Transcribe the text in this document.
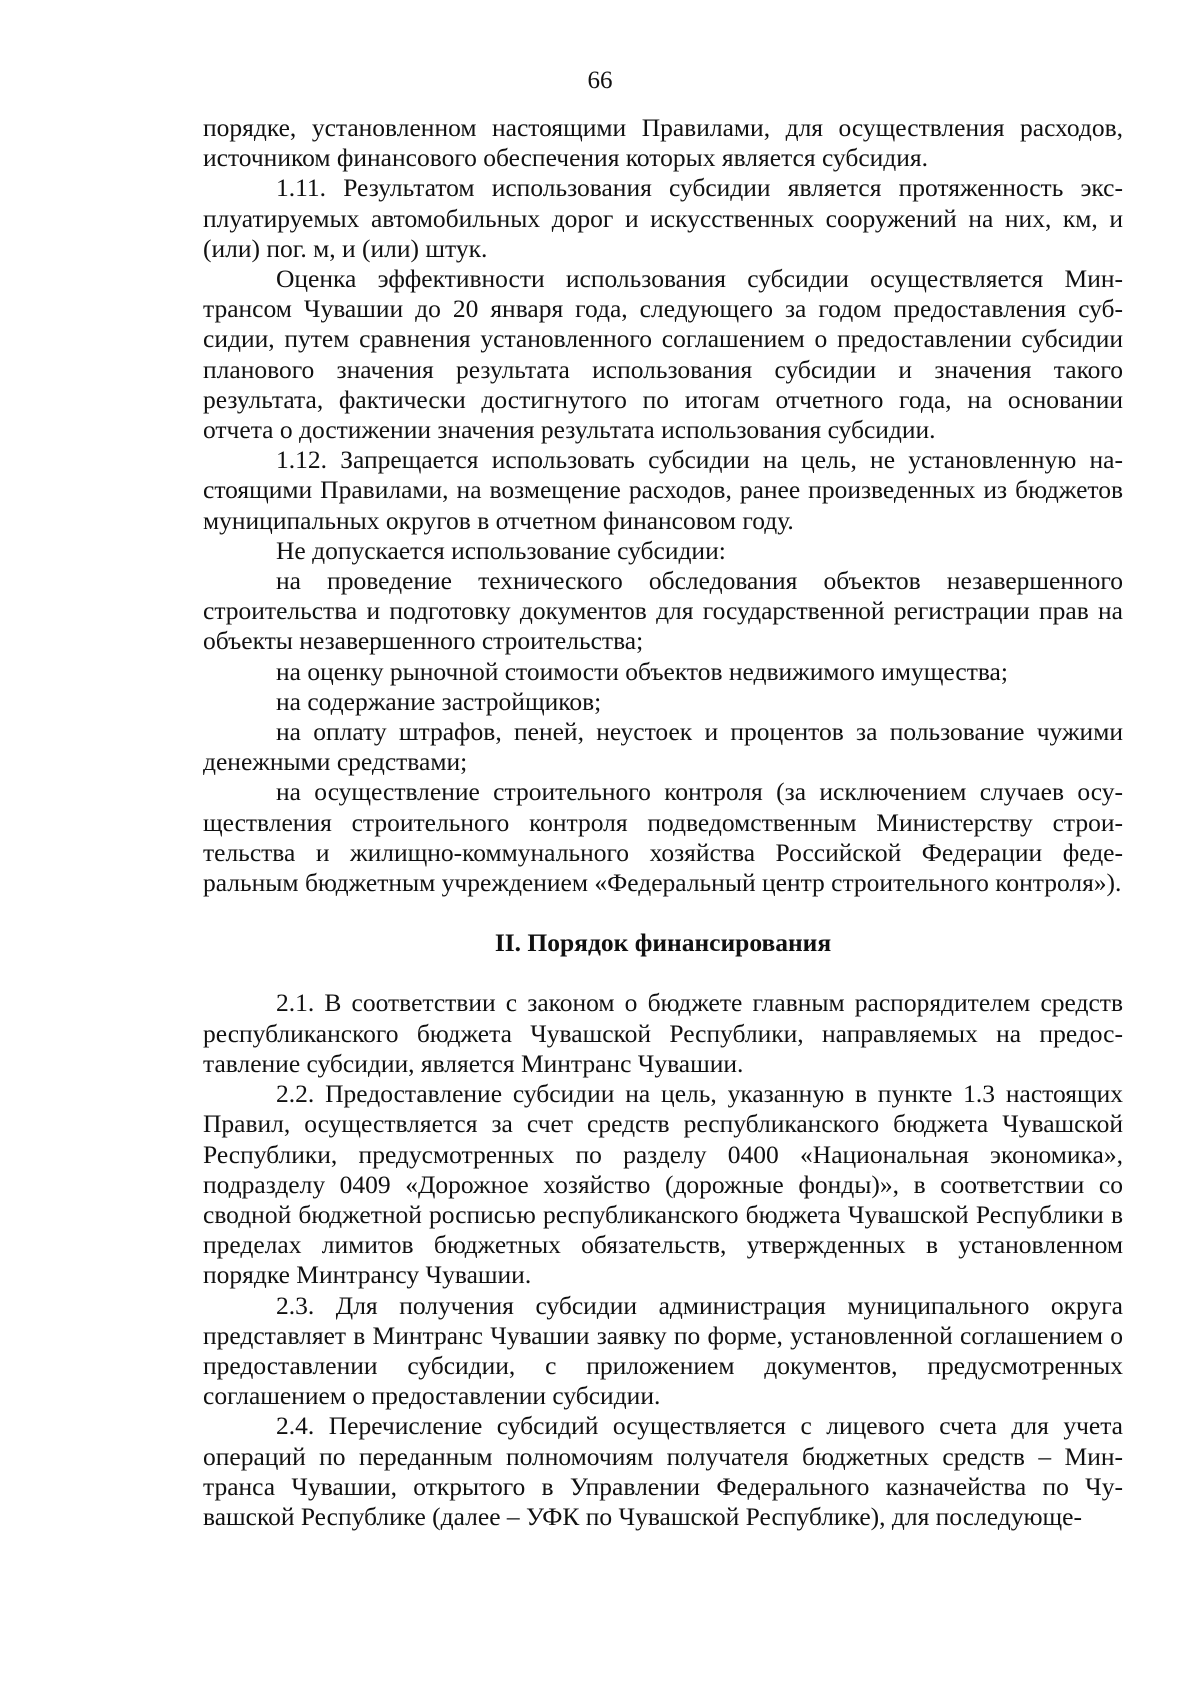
66

порядке, установленном настоящими Правилами, для осуществления расходов, источником финансового обеспечения которых является субсидия.

1.11. Результатом использования субсидии является протяженность эксплуатируемых автомобильных дорог и искусственных сооружений на них, км, и (или) пог. м, и (или) штук.

Оценка эффективности использования субсидии осуществляется Минтрансом Чувашии до 20 января года, следующего за годом предоставления субсидии, путем сравнения установленного соглашением о предоставлении субсидии планового значения результата использования субсидии и значения такого результата, фактически достигнутого по итогам отчетного года, на основании отчета о достижении значения результата использования субсидии.

1.12. Запрещается использовать субсидии на цель, не установленную настоящими Правилами, на возмещение расходов, ранее произведенных из бюджетов муниципальных округов в отчетном финансовом году.

Не допускается использование субсидии:

на проведение технического обследования объектов незавершенного строительства и подготовку документов для государственной регистрации прав на объекты незавершенного строительства;

на оценку рыночной стоимости объектов недвижимого имущества;

на содержание застройщиков;

на оплату штрафов, пеней, неустоек и процентов за пользование чужими денежными средствами;

на осуществление строительного контроля (за исключением случаев осуществления строительного контроля подведомственным Министерству строительства и жилищно-коммунального хозяйства Российской Федерации федеральным бюджетным учреждением «Федеральный центр строительного контроля»).

II. Порядок финансирования

2.1. В соответствии с законом о бюджете главным распорядителем средств республиканского бюджета Чувашской Республики, направляемых на предоставление субсидии, является Минтранс Чувашии.

2.2. Предоставление субсидии на цель, указанную в пункте 1.3 настоящих Правил, осуществляется за счет средств республиканского бюджета Чувашской Республики, предусмотренных по разделу 0400 «Национальная экономика», подразделу 0409 «Дорожное хозяйство (дорожные фонды)», в соответствии со сводной бюджетной росписью республиканского бюджета Чувашской Республики в пределах лимитов бюджетных обязательств, утвержденных в установленном порядке Минтрансу Чувашии.

2.3. Для получения субсидии администрация муниципального округа представляет в Минтранс Чувашии заявку по форме, установленной соглашением о предоставлении субсидии, с приложением документов, предусмотренных соглашением о предоставлении субсидии.

2.4. Перечисление субсидий осуществляется с лицевого счета для учета операций по переданным полномочиям получателя бюджетных средств – Минтранса Чувашии, открытого в Управлении Федерального казначейства по Чувашской Республике (далее – УФК по Чувашской Республике), для последующе-
